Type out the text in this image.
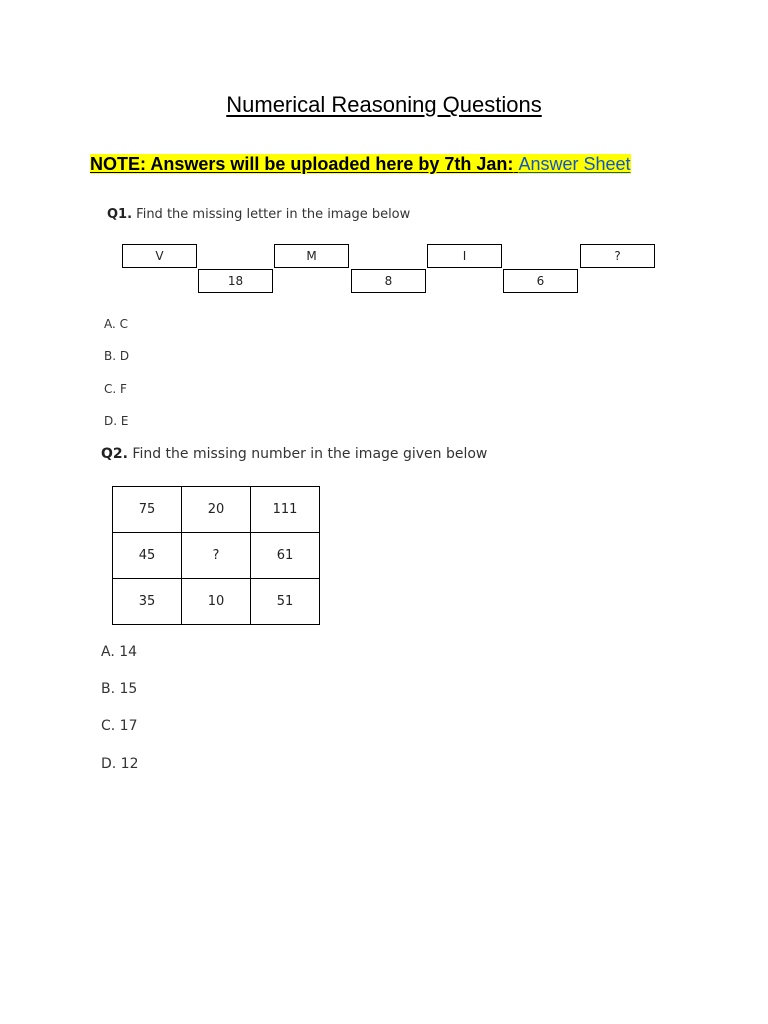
Numerical Reasoning Questions
NOTE: Answers will be uploaded here by 7th Jan: Answer Sheet
Q1. Find the missing letter in the image below
V	M	I	?
18	8	6
A. C
B. D
C. F
D. E
Q2. Find the missing number in the image given below
75	20	111
45	?	61
35	10	51
A. 14
B. 15
C. 17
D. 12
